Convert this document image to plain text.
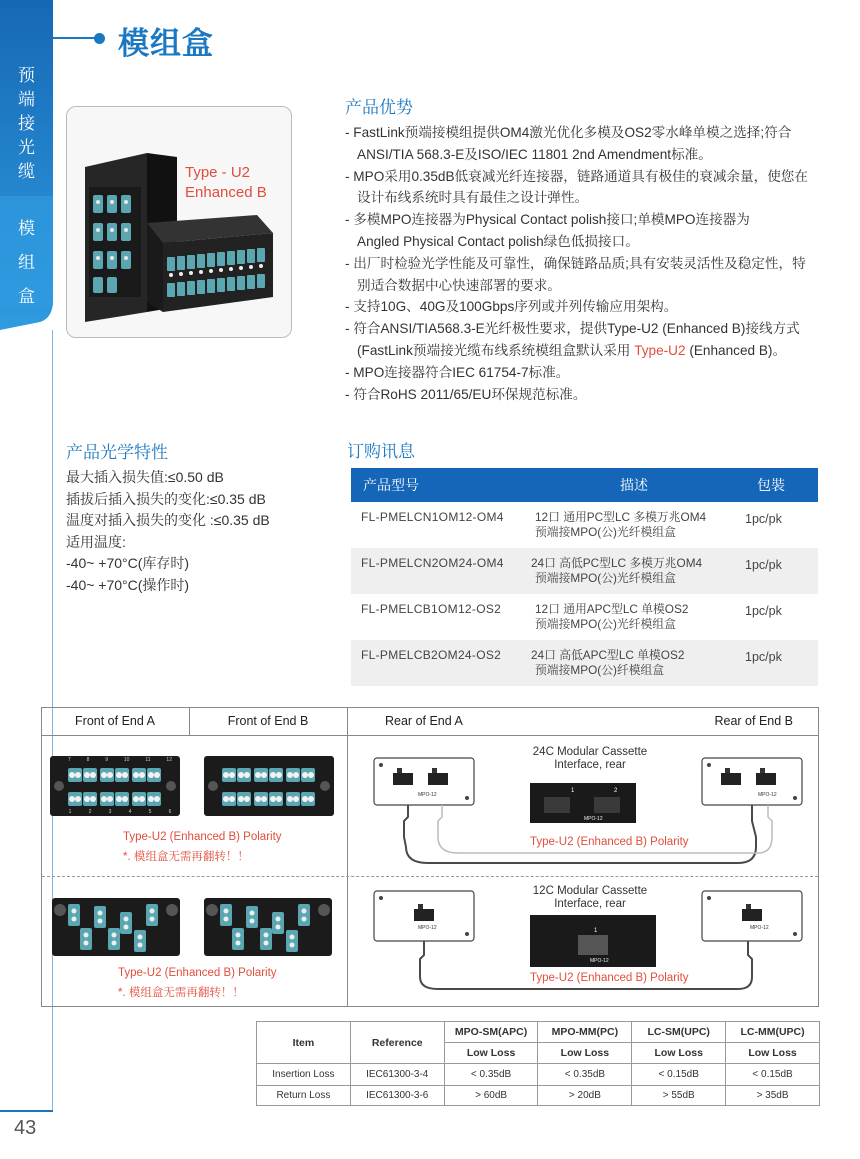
模组盒
预
端
接
光
缆
模
组
盒
43
Type - U2
Enhanced B
产品优势
- FastLink预端接模组提供OM4激光优化多模及OS2零水峰单模之选择;符合
ANSI/TIA 568.3-E及ISO/IEC 11801 2nd Amendment标准。
- MPO采用0.35dB低衰减光纤连接器，链路通道具有极佳的衰减余量，使您在
设计布线系统时具有最佳之设计弹性。
- 多模MPO连接器为Physical Contact polish接口;单模MPO连接器为
Angled Physical Contact polish绿色低损接口。
- 出厂时检验光学性能及可靠性，确保链路品质;具有安装灵活性及稳定性，特
别适合数据中心快速部署的要求。
- 支持10G、40G及100Gbps序列或并列传输应用架构。
- 符合ANSI/TIA568.3-E光纤极性要求，提供Type-U2 (Enhanced B)接线方式
(FastLink预端接光缆布线系统模组盒默认采用 Type-U2 (Enhanced B)。
- MPO连接器符合IEC 61754-7标准。
- 符合RoHS 2011/65/EU环保规范标准。
产品光学特性
最大插入损失值:≤0.50 dB
插拔后插入损失的变化:≤0.35 dB
温度对插入损失的变化 :≤0.35 dB
适用温度:
-40~ +70°C(库存时)
-40~ +70°C(操作时)
订购讯息
产品型号	描述	包裝
FL-PMELCN1OM12-OM4	12口 通用PC型LC 多模万兆OM4
预端接MPO(公)光纤模组盒	1pc/pk
FL-PMELCN2OM24-OM4	24口 高低PC型LC 多模万兆OM4
预端接MPO(公)光纤模组盒	1pc/pk
FL-PMELCB1OM12-OS2	12口 通用APC型LC 单模OS2
预端接MPO(公)光纤模组盒	1pc/pk
FL-PMELCB2OM24-OS2	24口 高低APC型LC 单模OS2
预端接MPO(公)纤模组盒	1pc/pk
Front of End A	Front of End B	Rear of End A	Rear of End B
7	8	9	10	11	12
1	2	3	4	5	6
Type-U2 (Enhanced B) Polarity
*. 模组盒无需再翻转！！
24C Modular Cassette
Interface, rear
MPO-12	MPO-12
MPO-12
1	2
Type-U2 (Enhanced B) Polarity
Type-U2 (Enhanced B) Polarity
*. 模组盒无需再翻转！！
12C Modular Cassette
Interface, rear
MPO-12	MPO-12
MPO-12
1
Type-U2 (Enhanced B) Polarity
Item	Reference	MPO-SM(APC)	MPO-MM(PC)	LC-SM(UPC)	LC-MM(UPC)
		Low Loss	Low Loss	Low Loss	Low Loss
Insertion Loss	IEC61300-3-4	< 0.35dB	< 0.35dB	< 0.15dB	< 0.15dB
Return Loss	IEC61300-3-6	> 60dB	> 20dB	> 55dB	> 35dB
